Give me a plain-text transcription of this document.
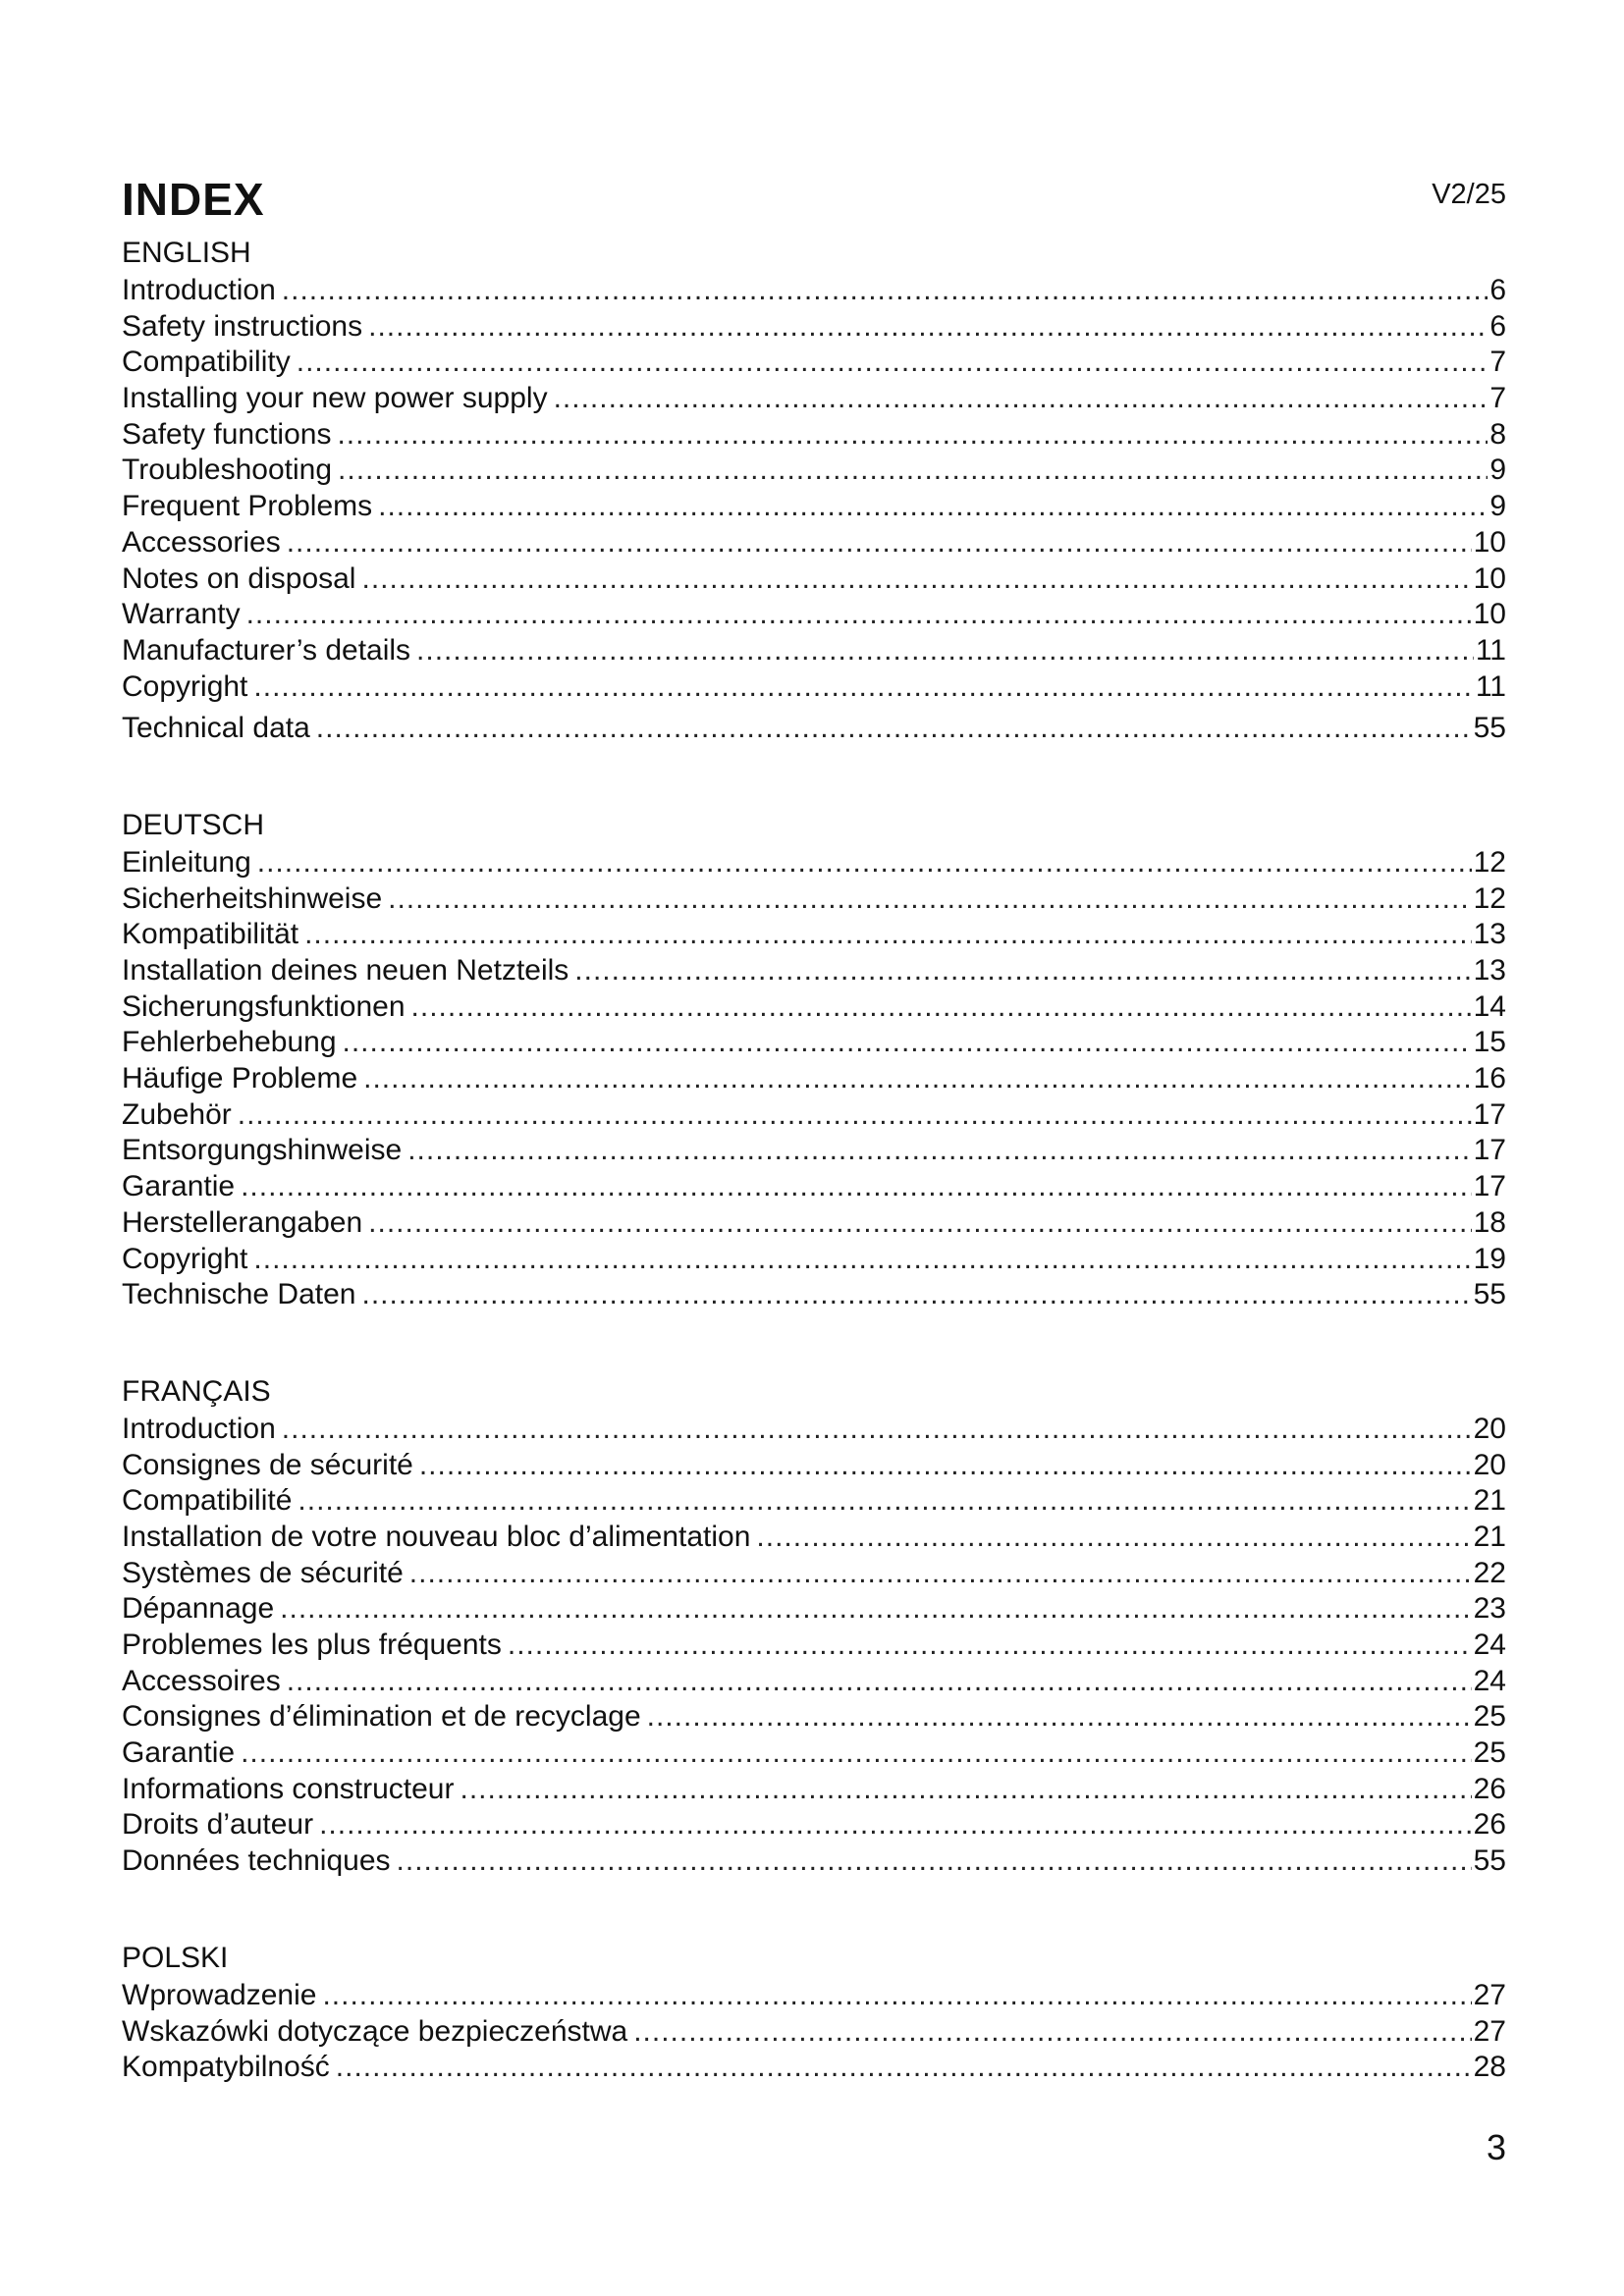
INDEX	V2/25
ENGLISH
Introduction .....	6
Safety instructions .....	6
Compatibility .....	7
Installing your new power supply .....	7
Safety functions .....	8
Troubleshooting .....	9
Frequent Problems .....	9
Accessories .....	10
Notes on disposal .....	10
Warranty .....	10
Manufacturer’s details .....	11
Copyright .....	11
Technical data .....	55
DEUTSCH
Einleitung .....	12
Sicherheitshinweise .....	12
Kompatibilität .....	13
Installation deines neuen Netzteils .....	13
Sicherungsfunktionen .....	14
Fehlerbehebung .....	15
Häufige Probleme .....	16
Zubehör .....	17
Entsorgungshinweise .....	17
Garantie .....	17
Herstellerangaben .....	18
Copyright .....	19
Technische Daten .....	55
FRANÇAIS
Introduction .....	20
Consignes de sécurité .....	20
Compatibilité .....	21
Installation de votre nouveau bloc d’alimentation .....	21
Systèmes de sécurité .....	22
Dépannage .....	23
Problemes les plus fréquents .....	24
Accessoires .....	24
Consignes d’élimination et de recyclage .....	25
Garantie .....	25
Informations constructeur .....	26
Droits d’auteur .....	26
Données techniques .....	55
POLSKI
Wprowadzenie .....	27
Wskazówki dotyczące bezpieczeństwa .....	27
Kompatybilność .....	28
3
